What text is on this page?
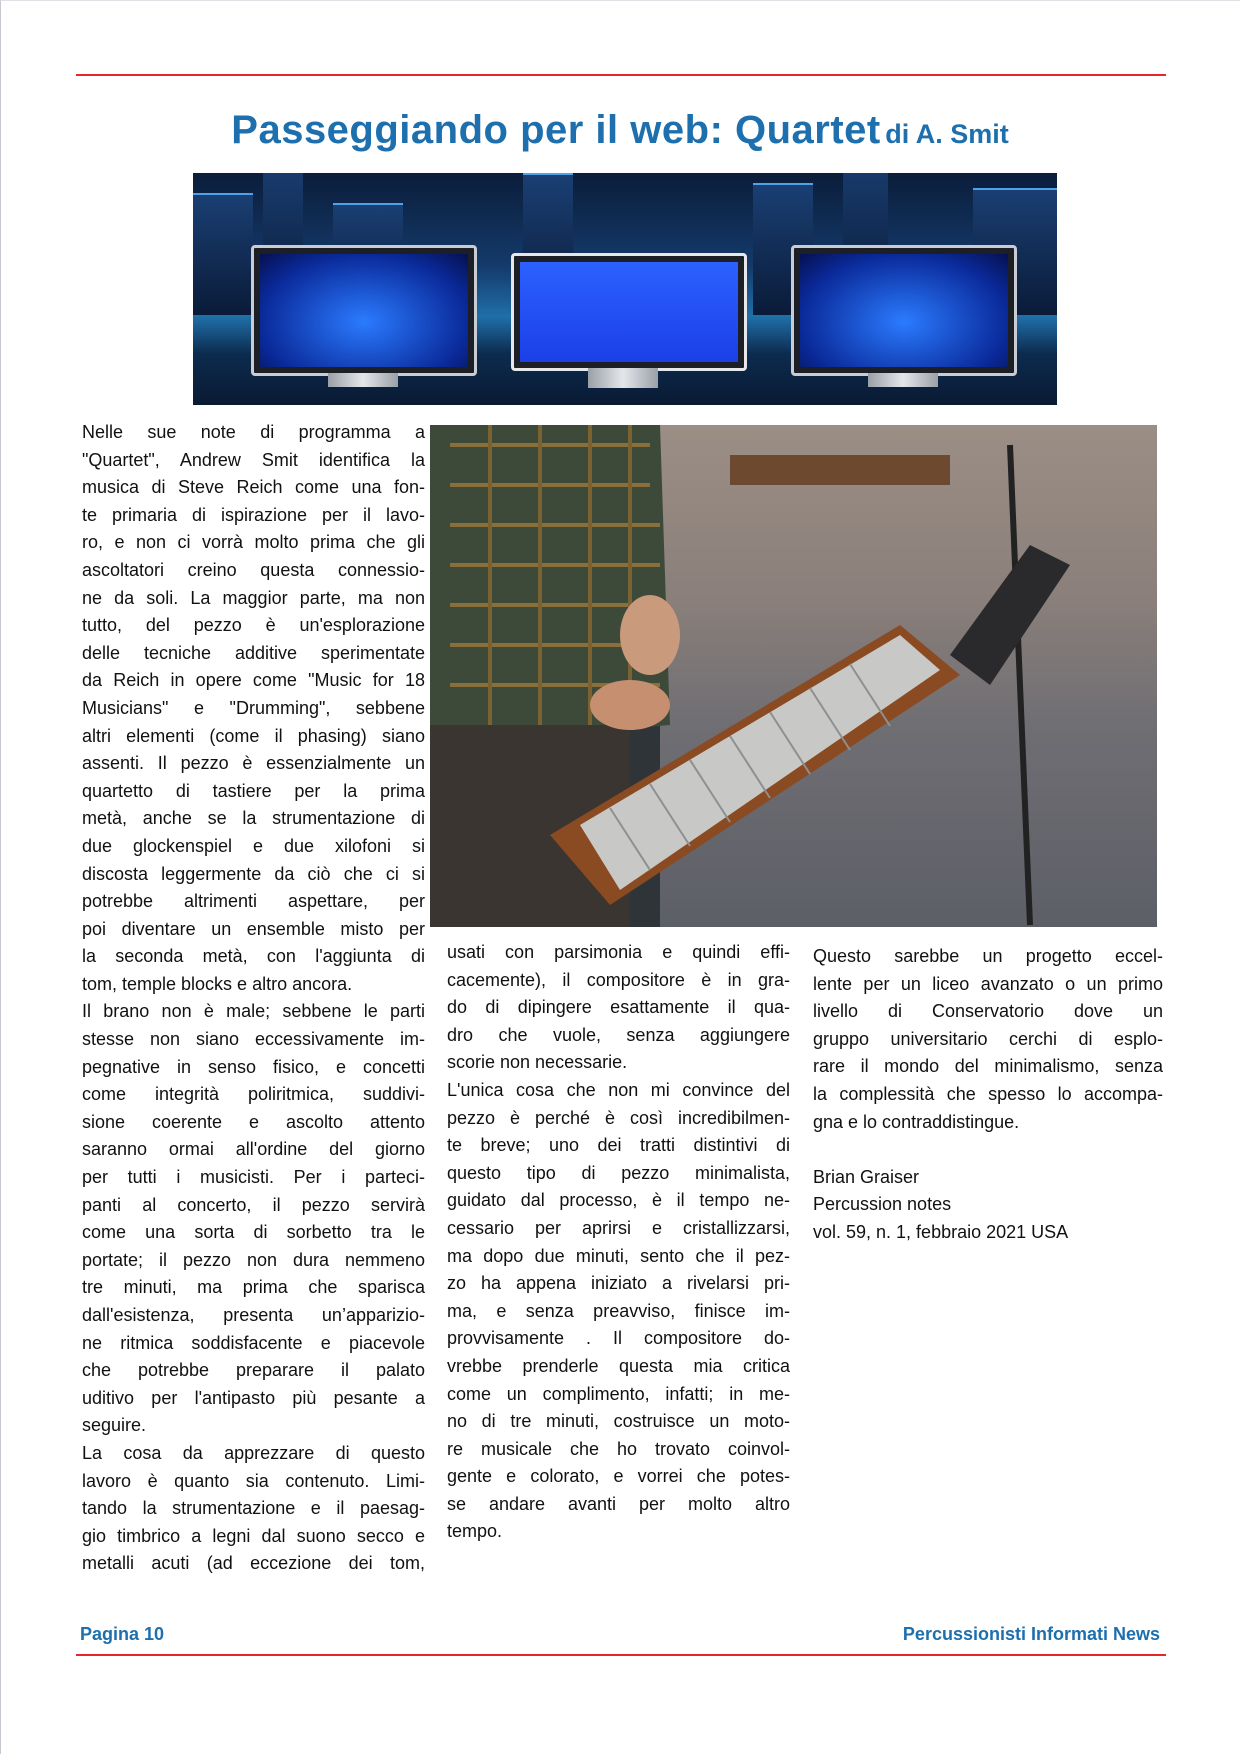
Passeggiando per il web: Quartet di A. Smit
Nelle sue note di programma a
"Quartet", Andrew Smit identifica la
musica di Steve Reich come una fon-
te primaria di ispirazione per il lavo-
ro, e non ci vorrà molto prima che gli
ascoltatori creino questa connessio-
ne da soli. La maggior parte, ma non
tutto, del pezzo è un'esplorazione
delle tecniche additive sperimentate
da Reich in opere come "Music for 18
Musicians" e "Drumming", sebbene
altri elementi (come il phasing) siano
assenti. Il pezzo è essenzialmente un
quartetto di tastiere per la prima
metà, anche se la strumentazione di
due glockenspiel e due xilofoni si
discosta leggermente da ciò che ci si
potrebbe altrimenti aspettare, per
poi diventare un ensemble misto per
la seconda metà, con l'aggiunta di
tom, temple blocks e altro ancora.
Il brano non è male; sebbene le parti
stesse non siano eccessivamente im-
pegnative in senso fisico, e concetti
come integrità poliritmica, suddivi-
sione coerente e ascolto attento
saranno ormai all'ordine del giorno
per tutti i musicisti. Per i parteci-
panti al concerto, il pezzo servirà
come una sorta di sorbetto tra le
portate; il pezzo non dura nemmeno
tre minuti, ma prima che sparisca
dall'esistenza, presenta un’apparizio-
ne ritmica soddisfacente e piacevole
che potrebbe preparare il palato
uditivo per l'antipasto più pesante a
seguire.
La cosa da apprezzare di questo
lavoro è quanto sia contenuto. Limi-
tando la strumentazione e il paesag-
gio timbrico a legni dal suono secco e
metalli acuti (ad eccezione dei tom,
usati con parsimonia e quindi effi-
cacemente), il compositore è in gra-
do di dipingere esattamente il qua-
dro che vuole, senza aggiungere
scorie non necessarie.
L'unica cosa che non mi convince del
pezzo è perché è così incredibilmen-
te breve; uno dei tratti distintivi di
questo tipo di pezzo minimalista,
guidato dal processo, è il tempo ne-
cessario per aprirsi e cristallizzarsi,
ma dopo due minuti, sento che il pez-
zo ha appena iniziato a rivelarsi pri-
ma, e senza preavviso, finisce im-
provvisamente . Il compositore do-
vrebbe prenderle questa mia critica
come un complimento, infatti; in me-
no di tre minuti, costruisce un moto-
re musicale che ho trovato coinvol-
gente e colorato, e vorrei che potes-
se andare avanti per molto altro
tempo.
Questo sarebbe un progetto eccel-
lente per un liceo avanzato o un primo
livello di Conservatorio dove un
gruppo universitario cerchi di esplo-
rare il mondo del minimalismo, senza
la complessità che spesso lo accompa-
gna e lo contraddistingue.
Brian Graiser
Percussion notes
vol. 59, n. 1, febbraio 2021 USA
Pagina 10	Percussionisti Informati News
